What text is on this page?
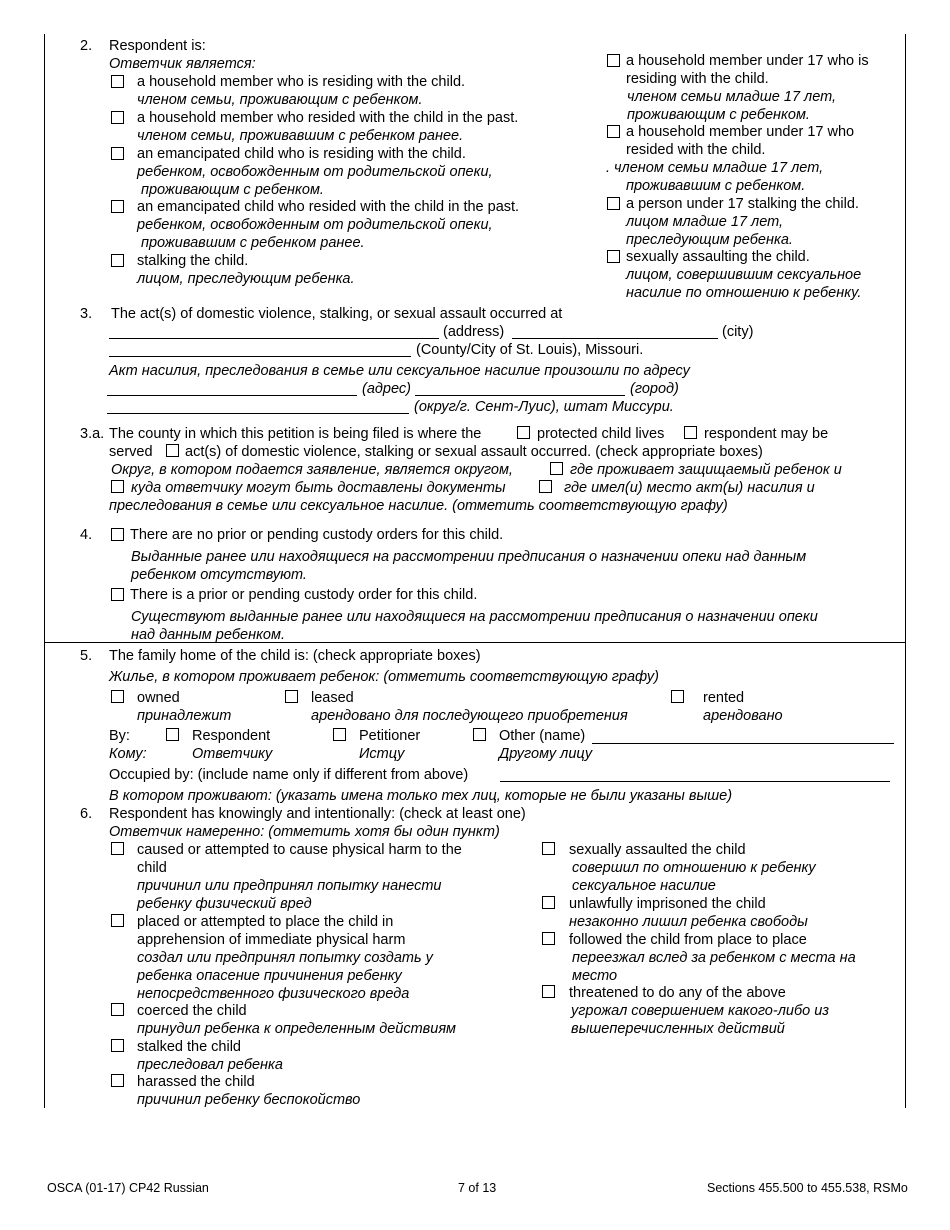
2. Respondent is:
Ответчик является:
a household member who is residing with the child.
членом семьи, проживающим с ребенком.
a household member who resided with the child in the past.
членом семьи, проживавшим с ребенком ранее.
an emancipated child who is residing with the child.
ребенком, освобожденным от родительской опеки,
проживающим с ребенком.
an emancipated child who resided with the child in the past.
ребенком, освобожденным от родительской опеки,
проживавшим с ребенком ранее.
stalking the child.
лицом, преследующим ребенка.
a household member under 17 who is
residing with the child.
членом семьи младше 17 лет,
проживающим с ребенком.
a household member under 17 who
resided with the child.
. членом семьи младше 17 лет,
проживавшим с ребенком.
a person under 17 stalking the child.
лицом младше 17 лет,
преследующим ребенка.
sexually assaulting the child.
лицом, совершившим сексуальное
насилие по отношению к ребенку.
3. The act(s) of domestic violence, stalking, or sexual assault occurred at
(address)	(city)
(County/City of St. Louis), Missouri.
Акт насилия, преследования в семье или сексуальное насилие произошли по адресу
(адрес)	(город)
(округ/г. Сент-Луис), штат Миссури.
3.a. The county in which this petition is being filed is where the	protected child lives	respondent may be
served act(s) of domestic violence, stalking or sexual assault occurred. (check appropriate boxes)
Округ, в котором подается заявление, является округом,	где проживает защищаемый ребенок и
куда ответчику могут быть доставлены документы	где имел(и) место акт(ы) насилия и
преследования в семье или сексуальное насилие. (отметить соответствующую графу)
4.	There are no prior or pending custody orders for this child.
Выданные ранее или находящиеся на рассмотрении предписания о назначении опеки над данным
ребенком отсутствуют.
There is a prior or pending custody order for this child.
Существуют выданные ранее или находящиеся на рассмотрении предписания о назначении опеки
над данным ребенком.
5. The family home of the child is: (check appropriate boxes)
Жилье, в котором проживает ребенок: (отметить соответствующую графу)
owned
принадлежит
leased
арендовано для последующего приобретения
rented
арендовано
By:
Кому:
Respondent
Ответчику
Petitioner
Истцу
Other (name)
Другому лицу
Occupied by: (include name only if different from above)
В котором проживают: (указать имена только тех лиц, которые не были указаны выше)
6. Respondent has knowingly and intentionally: (check at least one)
Ответчик намеренно: (отметить хотя бы один пункт)
caused or attempted to cause physical harm to the
child
причинил или предпринял попытку нанести
ребенку физический вред
placed or attempted to place the child in
apprehension of immediate physical harm
создал или предпринял попытку создать у
ребенка опасение причинения ребенку
непосредственного физического вреда
coerced the child
принудил ребенка к определенным действиям
stalked the child
преследовал ребенка
harassed the child
причинил ребенку беспокойство
sexually assaulted the child
совершил по отношению к ребенку
сексуальное насилие
unlawfully imprisoned the child
незаконно лишил ребенка свободы
followed the child from place to place
переезжал вслед за ребенком с места на
место
threatened to do any of the above
угрожал совершением какого-либо из
вышеперечисленных действий
OSCA (01-17) CP42 Russian	7 of 13	Sections 455.500 to 455.538, RSMo
